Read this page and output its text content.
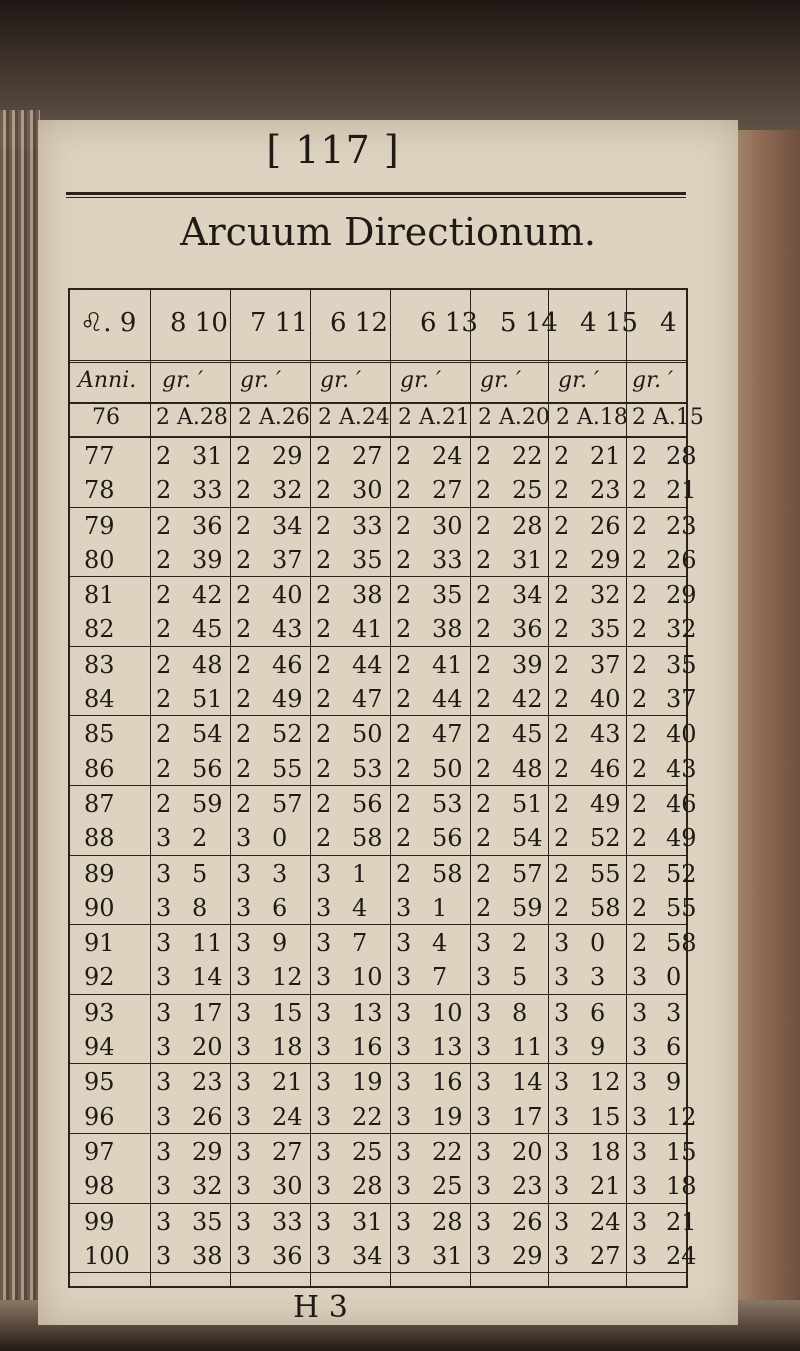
[ 117 ]
Arcuum Directionum.
♌︎. 9 8 10 7 11 6 12 6 13 5 14 4 15 4
Anni. gr. ′ gr. ′ gr. ′ gr. ′ gr. ′ gr. ′ gr. ′
76 2 A.28 2 A.26 2 A.24 2 A.21 2 A.20 2 A.18 2 A.15
77 2 31 2 29 2 27 2 24 2 22 2 21 2 28
78 2 33 2 32 2 30 2 27 2 25 2 23 2 21
79 2 36 2 34 2 33 2 30 2 28 2 26 2 23
80 2 39 2 37 2 35 2 33 2 31 2 29 2 26
81 2 42 2 40 2 38 2 35 2 34 2 32 2 29
82 2 45 2 43 2 41 2 38 2 36 2 35 2 32
83 2 48 2 46 2 44 2 41 2 39 2 37 2 35
84 2 51 2 49 2 47 2 44 2 42 2 40 2 37
85 2 54 2 52 2 50 2 47 2 45 2 43 2 40
86 2 56 2 55 2 53 2 50 2 48 2 46 2 43
87 2 59 2 57 2 56 2 53 2 51 2 49 2 46
88 3 2 3 0 2 58 2 56 2 54 2 52 2 49
89 3 5 3 3 3 1 2 58 2 57 2 55 2 52
90 3 8 3 6 3 4 3 1 2 59 2 58 2 55
91 3 11 3 9 3 7 3 4 3 2 3 0 2 58
92 3 14 3 12 3 10 3 7 3 5 3 3 3 0
93 3 17 3 15 3 13 3 10 3 8 3 6 3 3
94 3 20 3 18 3 16 3 13 3 11 3 9 3 6
95 3 23 3 21 3 19 3 16 3 14 3 12 3 9
96 3 26 3 24 3 22 3 19 3 17 3 15 3 12
97 3 29 3 27 3 25 3 22 3 20 3 18 3 15
98 3 32 3 30 3 28 3 25 3 23 3 21 3 18
99 3 35 3 33 3 31 3 28 3 26 3 24 3 21
100 3 38 3 36 3 34 3 31 3 29 3 27 3 24
H 3
